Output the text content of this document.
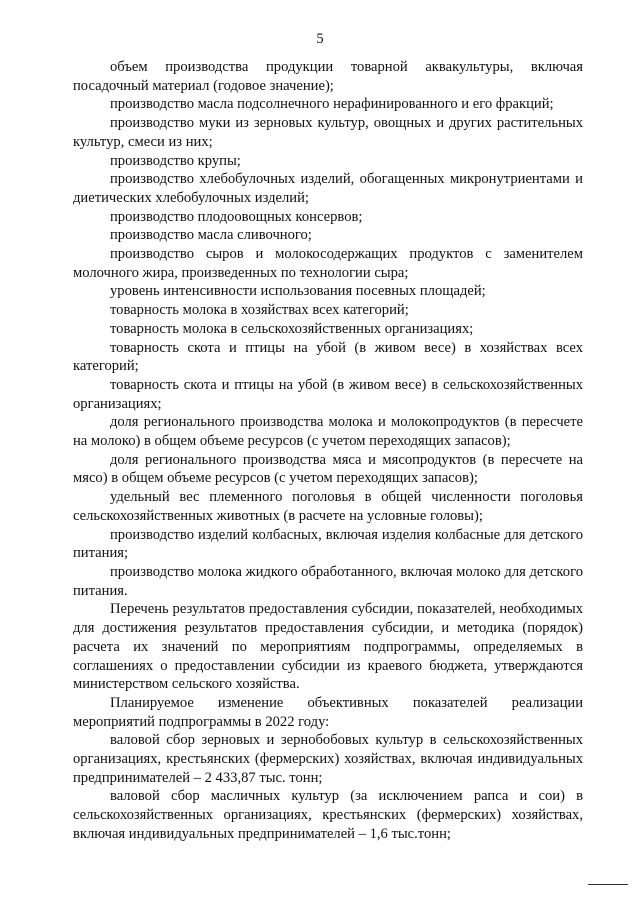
5

объем производства продукции товарной аквакультуры, включая посадочный материал (годовое значение);

производство масла подсолнечного нерафинированного и его фракций;

производство муки из зерновых культур, овощных и других растительных культур, смеси из них;

производство крупы;

производство хлебобулочных изделий, обогащенных микронутриентами и диетических хлебобулочных изделий;

производство плодоовощных консервов;

производство масла сливочного;

производство сыров и молокосодержащих продуктов с заменителем молочного жира, произведенных по технологии сыра;

уровень интенсивности использования посевных площадей;

товарность молока в хозяйствах всех категорий;

товарность молока в сельскохозяйственных организациях;

товарность скота и птицы на убой (в живом весе) в хозяйствах всех категорий;

товарность скота и птицы на убой (в живом весе) в сельскохозяйственных организациях;

доля регионального производства молока и молокопродуктов (в пересчете на молоко) в общем объеме ресурсов (с учетом переходящих запасов);

доля регионального производства мяса и мясопродуктов (в пересчете на мясо) в общем объеме ресурсов (с учетом переходящих запасов);

удельный вес племенного поголовья в общей численности поголовья сельскохозяйственных животных (в расчете на условные головы);

производство изделий колбасных, включая изделия колбасные для детского питания;

производство молока жидкого обработанного, включая молоко для детского питания.

Перечень результатов предоставления субсидии, показателей, необходимых для достижения результатов предоставления субсидии, и методика (порядок) расчета их значений по мероприятиям подпрограммы, определяемых в соглашениях о предоставлении субсидии из краевого бюджета, утверждаются министерством сельского хозяйства.

Планируемое изменение объективных показателей реализации мероприятий подпрограммы в 2022 году:

валовой сбор зерновых и зернобобовых культур в сельскохозяйственных организациях, крестьянских (фермерских) хозяйствах, включая индивидуальных предпринимателей – 2 433,87 тыс. тонн;

валовой сбор масличных культур (за исключением рапса и сои) в сельскохозяйственных организациях, крестьянских (фермерских) хозяйствах, включая индивидуальных предпринимателей – 1,6 тыс.тонн;
